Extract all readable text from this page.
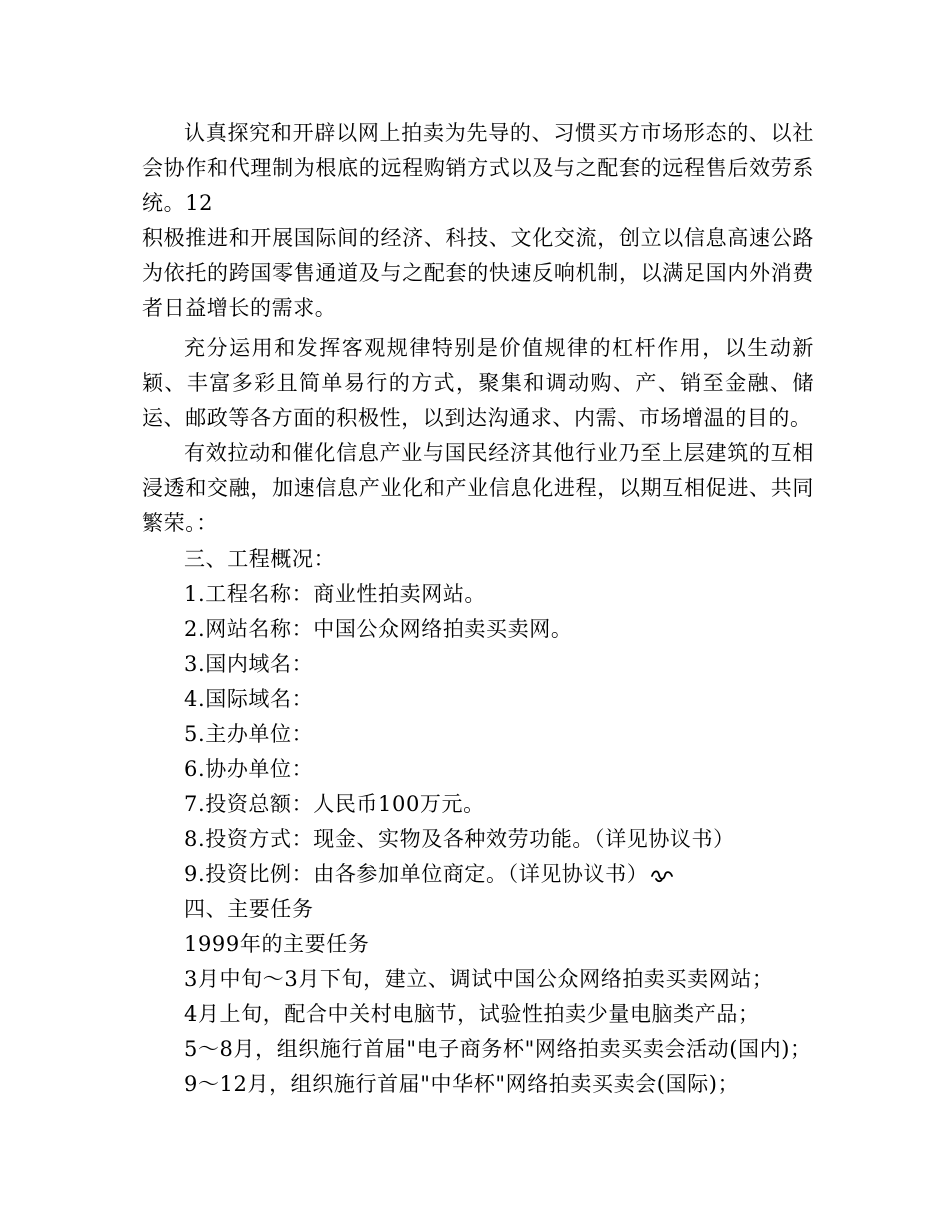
认真探究和开辟以网上拍卖为先导的、习惯买方市场形态的、以社会协作和代理制为根底的远程购销方式以及与之配套的远程售后效劳系统。12

积极推进和开展国际间的经济、科技、文化交流，创立以信息高速公路为依托的跨国零售通道及与之配套的快速反响机制，以满足国内外消费者日益增长的需求。

充分运用和发挥客观规律特别是价值规律的杠杆作用，以生动新颖、丰富多彩且简单易行的方式，聚集和调动购、产、销至金融、储运、邮政等各方面的积极性，以到达沟通求、内需、市场增温的目的。

有效拉动和催化信息产业与国民经济其他行业乃至上层建筑的互相浸透和交融，加速信息产业化和产业信息化进程，以期互相促进、共同繁荣。：

三、工程概况：

1.工程名称：商业性拍卖网站。

2.网站名称：中国公众网络拍卖买卖网。

3.国内域名：

4.国际域名：

5.主办单位：

6.协办单位：

7.投资总额：人民币100万元。

8.投资方式：现金、实物及各种效劳功能。（详见协议书）

9.投资比例：由各参加单位商定。（详见协议书）

四、主要任务

1999年的主要任务

3月中旬～3月下旬，建立、调试中国公众网络拍卖买卖网站；

4月上旬，配合中关村电脑节，试验性拍卖少量电脑类产品；

5～8月，组织施行首届"电子商务杯"网络拍卖买卖会活动(国内)；

9～12月，组织施行首届"中华杯"网络拍卖买卖会(国际)；
